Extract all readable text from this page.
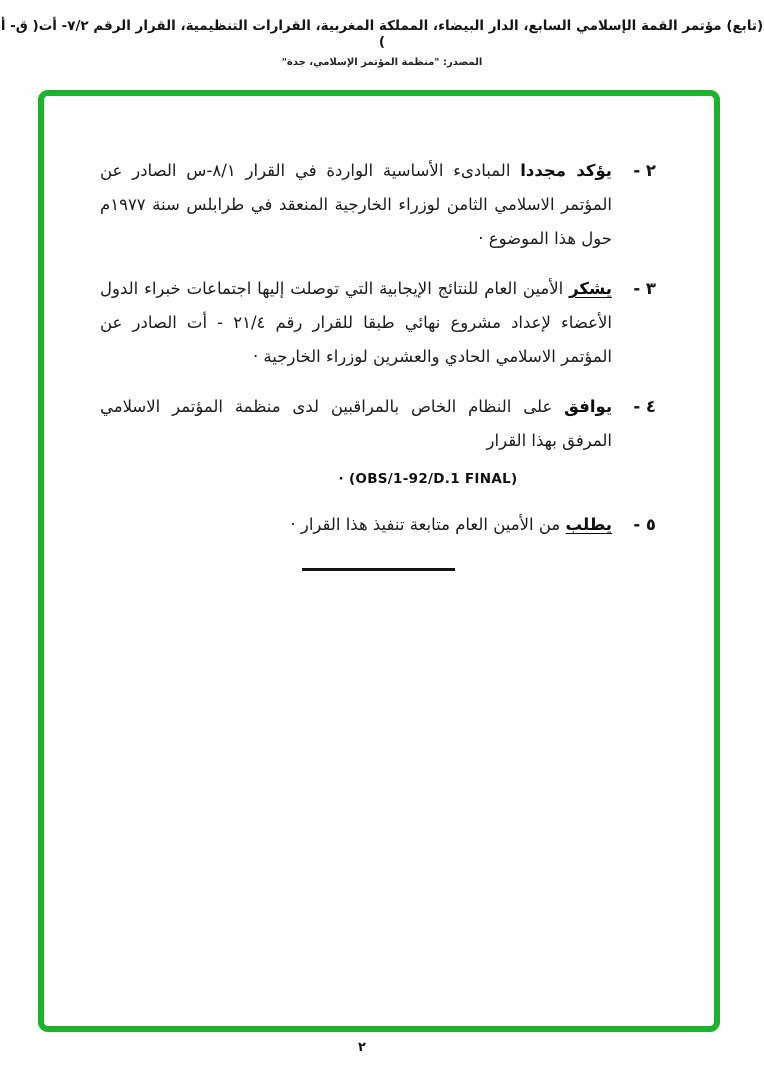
(تابع) مؤتمر القمة الإسلامي السابع، الدار البيضاء، المملكة المغربية، القرارات التنظيمية، القرار الرقم ٧/٢- أت( ق- أ )
المصدر: "منظمة المؤتمر الإسلامي، جدة"
٢ -
يؤكد مجددا المبادىء الأساسية الواردة في القرار ٨/١-س الصادر عن المؤتمر الاسلامي الثامن لوزراء الخارجية المنعقد في طرابلس سنة ١٩٧٧م حول هذا الموضوع ·
٣ -
يشكر الأمين العام للنتائج الإيجابية التي توصلت إليها اجتماعات خبراء الدول الأعضاء لإعداد مشروع نهائي طبقا للقرار رقم ٢١/٤ - أت الصادر عن المؤتمر الاسلامي الحادي والعشرين لوزراء الخارجية ·
٤ -
يوافق على النظام الخاص بالمراقبين لدى منظمة المؤتمر الاسلامي المرفق بهذا القرار
(OBS/1-92/D.1 FINAL) ·
٥ -
يطلب من الأمين العام متابعة تنفيذ هذا القرار ·
٢
